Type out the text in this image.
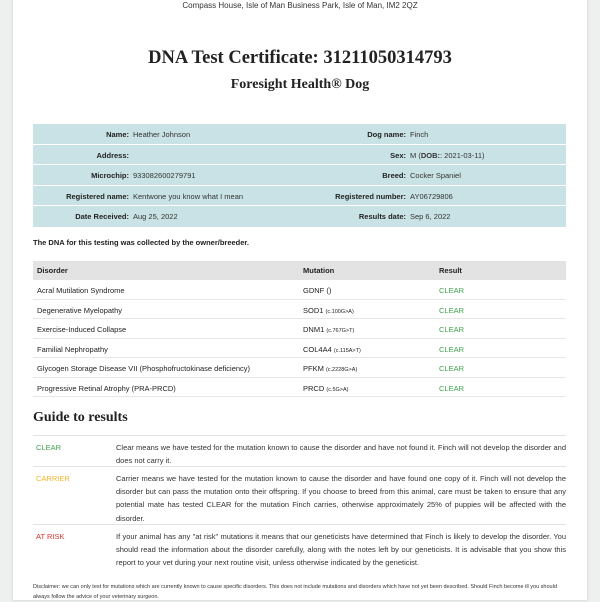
Compass House, Isle of Man Business Park, Isle of Man, IM2 2QZ
DNA Test Certificate: 31211050314793
Foresight Health® Dog
Name: Heather Johnson	Dog name: Finch
Address:	Sex: M (DOB:: 2021-03-11)
Microchip: 933082600279791	Breed: Cocker Spaniel
Registered name: Kentwone you know what I mean	Registered number: AY06729806
Date Received: Aug 25, 2022	Results date: Sep 6, 2022
The DNA for this testing was collected by the owner/breeder.
Disorder	Mutation	Result
Acral Mutilation Syndrome	GDNF ()	CLEAR
Degenerative Myelopathy	SOD1 (c.100G>A)	CLEAR
Exercise-Induced Collapse	DNM1 (c.767G>T)	CLEAR
Familial Nephropathy	COL4A4 (c.115A>T)	CLEAR
Glycogen Storage Disease VII (Phosphofructokinase deficiency)	PFKM (c.2228G>A)	CLEAR
Progressive Retinal Atrophy (PRA-PRCD)	PRCD (c.5G>A)	CLEAR
Guide to results
CLEAR	Clear means we have tested for the mutation known to cause the disorder and have not found it. Finch will not develop the disorder and does not carry it.
CARRIER	Carrier means we have tested for the mutation known to cause the disorder and have found one copy of it. Finch will not develop the disorder but can pass the mutation onto their offspring. If you choose to breed from this animal, care must be taken to ensure that any potential mate has tested CLEAR for the mutation Finch carries, otherwise approximately 25% of puppies will be affected with the disorder.
AT RISK	If your animal has any "at risk" mutations it means that our geneticists have determined that Finch is likely to develop the disorder. You should read the information about the disorder carefully, along with the notes left by our geneticists. It is advisable that you show this report to your vet during your next routine visit, unless otherwise indicated by the geneticist.
Disclaimer: we can only test for mutations which are currently known to cause specific disorders. This does not include mutations and disorders which have not yet been described. Should Finch become ill you should always follow the advice of your veterinary surgeon.
